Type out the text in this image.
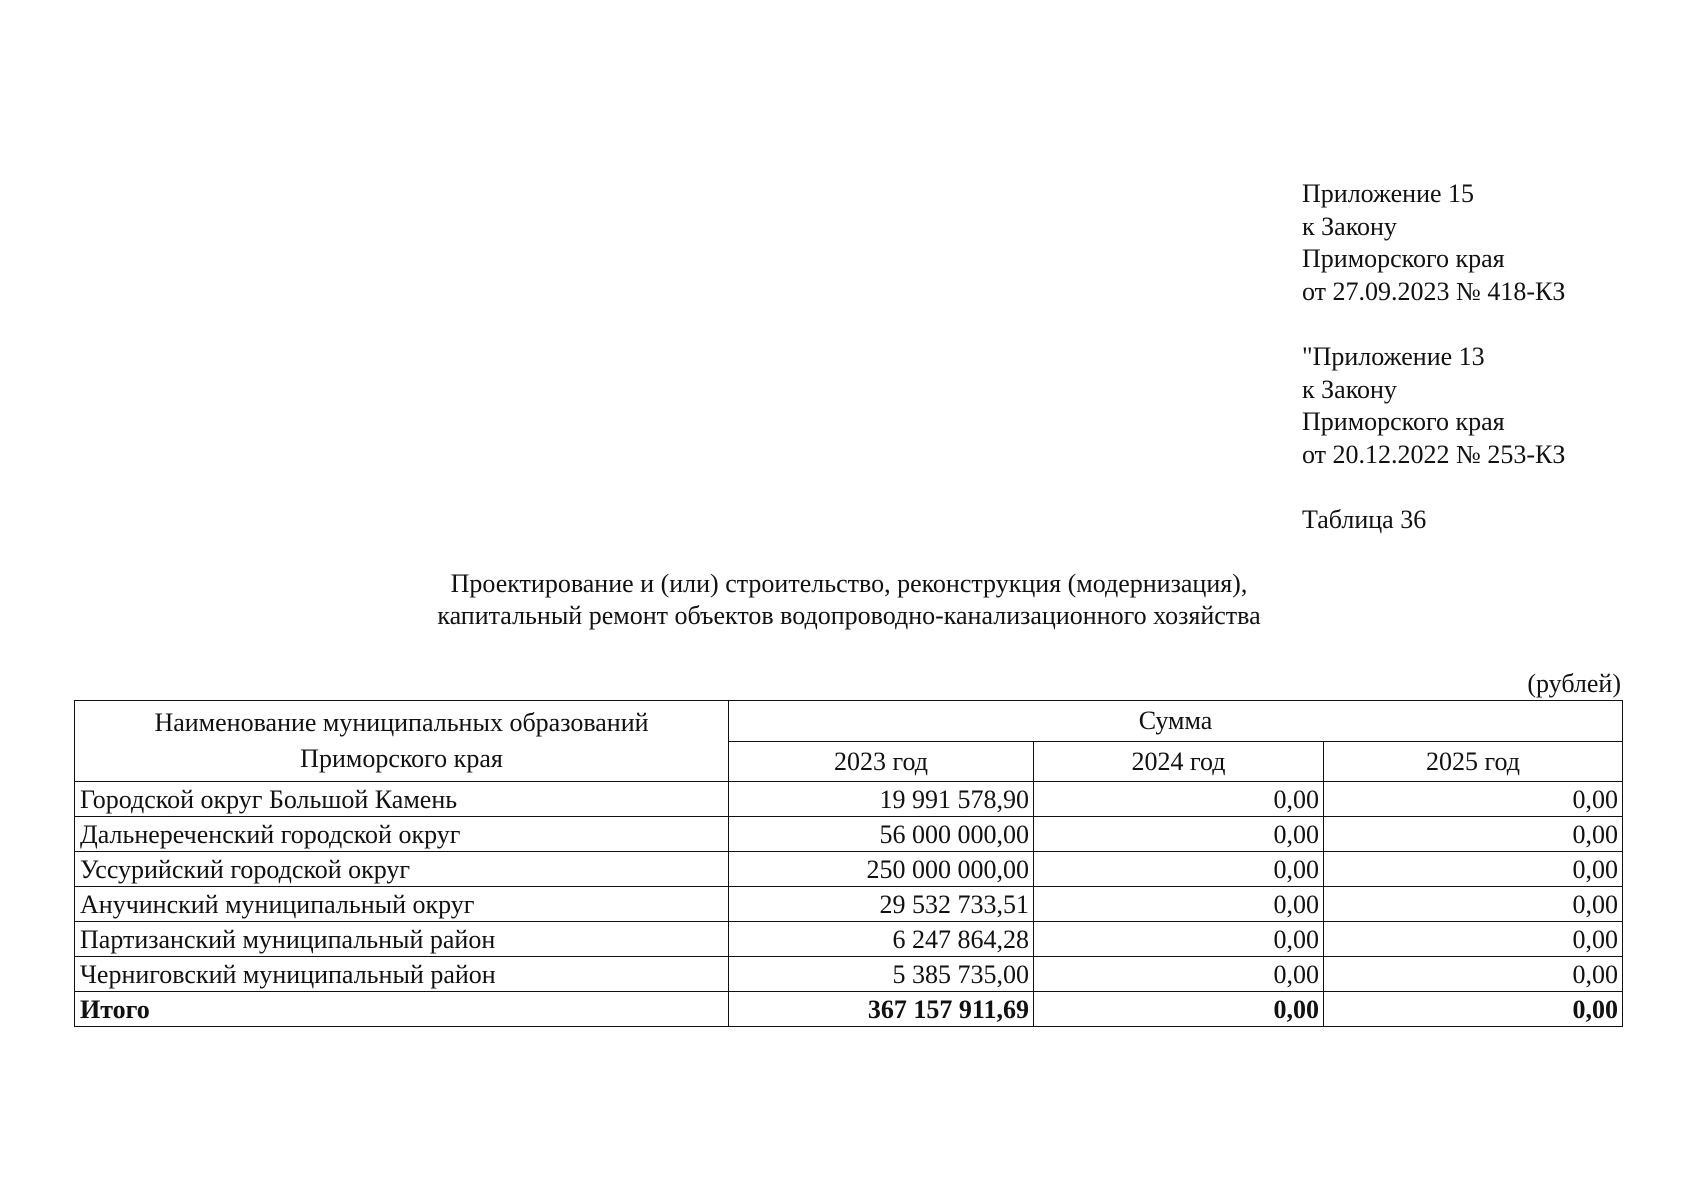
Приложение 15
к Закону
Приморского края
от 27.09.2023 № 418-КЗ
"Приложение 13
к Закону
Приморского края
от 20.12.2022 № 253-КЗ
Таблица 36
Проектирование и (или) строительство, реконструкция (модернизация),
капитальный ремонт объектов водопроводно-канализационного хозяйства
(рублей)
Наименование муниципальных образований
Приморского края	Сумма		
	2023 год	2024 год	2025 год
Городской округ Большой Камень	19 991 578,90	0,00	0,00
Дальнереченский городской округ	56 000 000,00	0,00	0,00
Уссурийский городской округ	250 000 000,00	0,00	0,00
Анучинский муниципальный округ	29 532 733,51	0,00	0,00
Партизанский муниципальный район	6 247 864,28	0,00	0,00
Черниговский муниципальный район	5 385 735,00	0,00	0,00
Итого	367 157 911,69	0,00	0,00
